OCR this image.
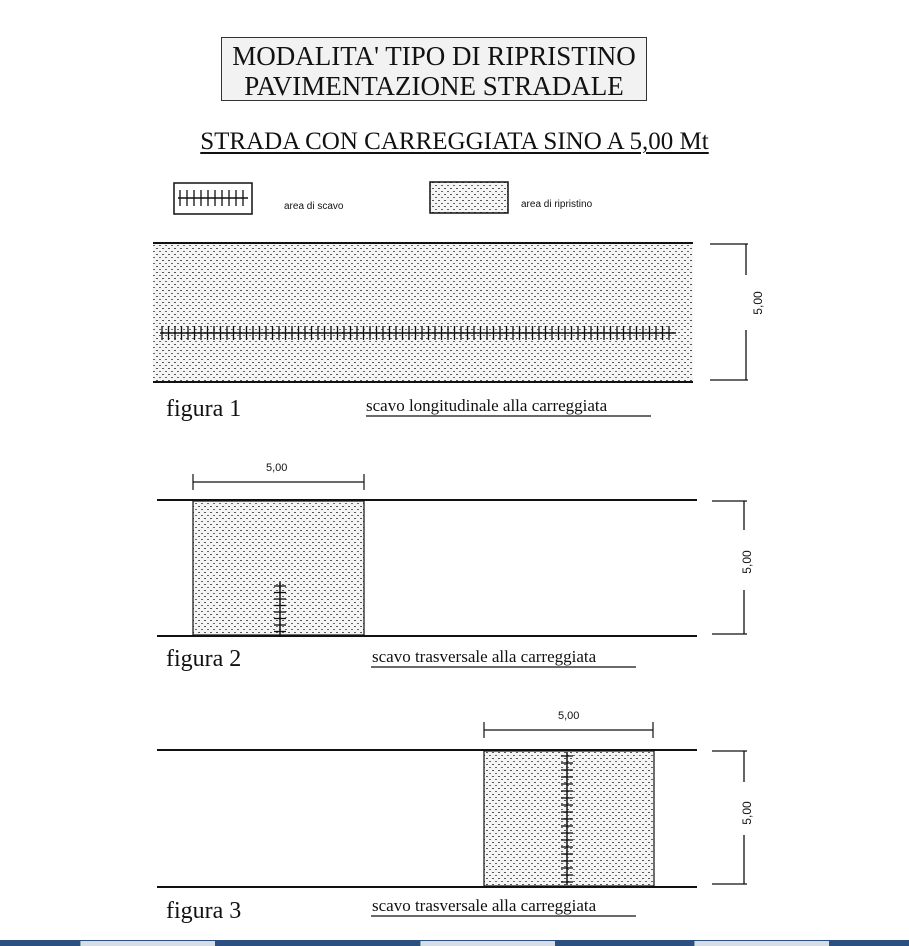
MODALITA' TIPO DI RIPRISTINO
PAVIMENTAZIONE STRADALE
STRADA CON CARREGGIATA SINO A 5,00 Mt
area di scavo	area di ripristino
figura 1	scavo longitudinale alla carreggiata
5,00
5,00
5,00
figura 2	scavo trasversale alla carreggiata
5,00
5,00
figura 3	scavo trasversale alla carreggiata
